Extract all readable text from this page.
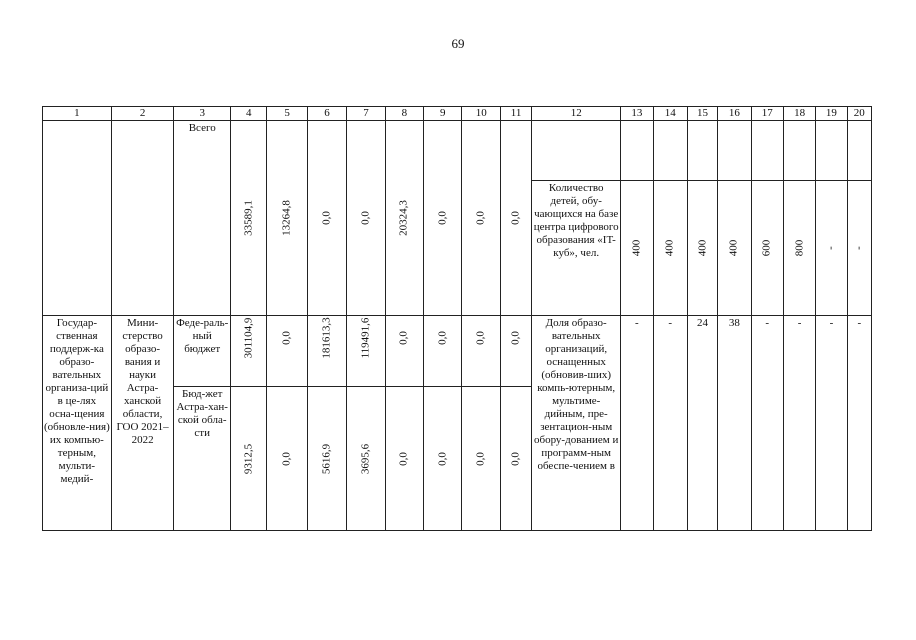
69
1	2	3	4	5	6	7	8	9	10	11	12	13	14	15	16	17	18	19	20
		Всего	33589,1	13264,8	0,0	0,0	20324,3	0,0	0,0	0,0									

											Количество детей, обу-чающихся на базе центра цифрового образования «IT-куб», чел.	400	400	400	400	600	800	-	-

Государ-ственная поддерж-ка образо-вательных организа-ций в це-лях осна-щения (обновле-ния) их компью-терным, мульти-медий-	Мини-стерство образо-вания и науки Астра-ханской области, ГОО 2021–2022	Феде-раль-ный бюджет	301104,9	0,0	181613,3	119491,6	0,0	0,0	0,0	0,0	Доля образо-вательных организаций, оснащенных (обновив-ших) компь-ютерным, мультиме-дийным, пре-зентацион-ным обору-дованием и программ-ным обеспе-чением в	-	-	24	38	-	-	-	-
		Бюд-жет Астра-хан-ской обла-сти	9312,5	0,0	5616,9	3695,6	0,0	0,0	0,0	0,0									
